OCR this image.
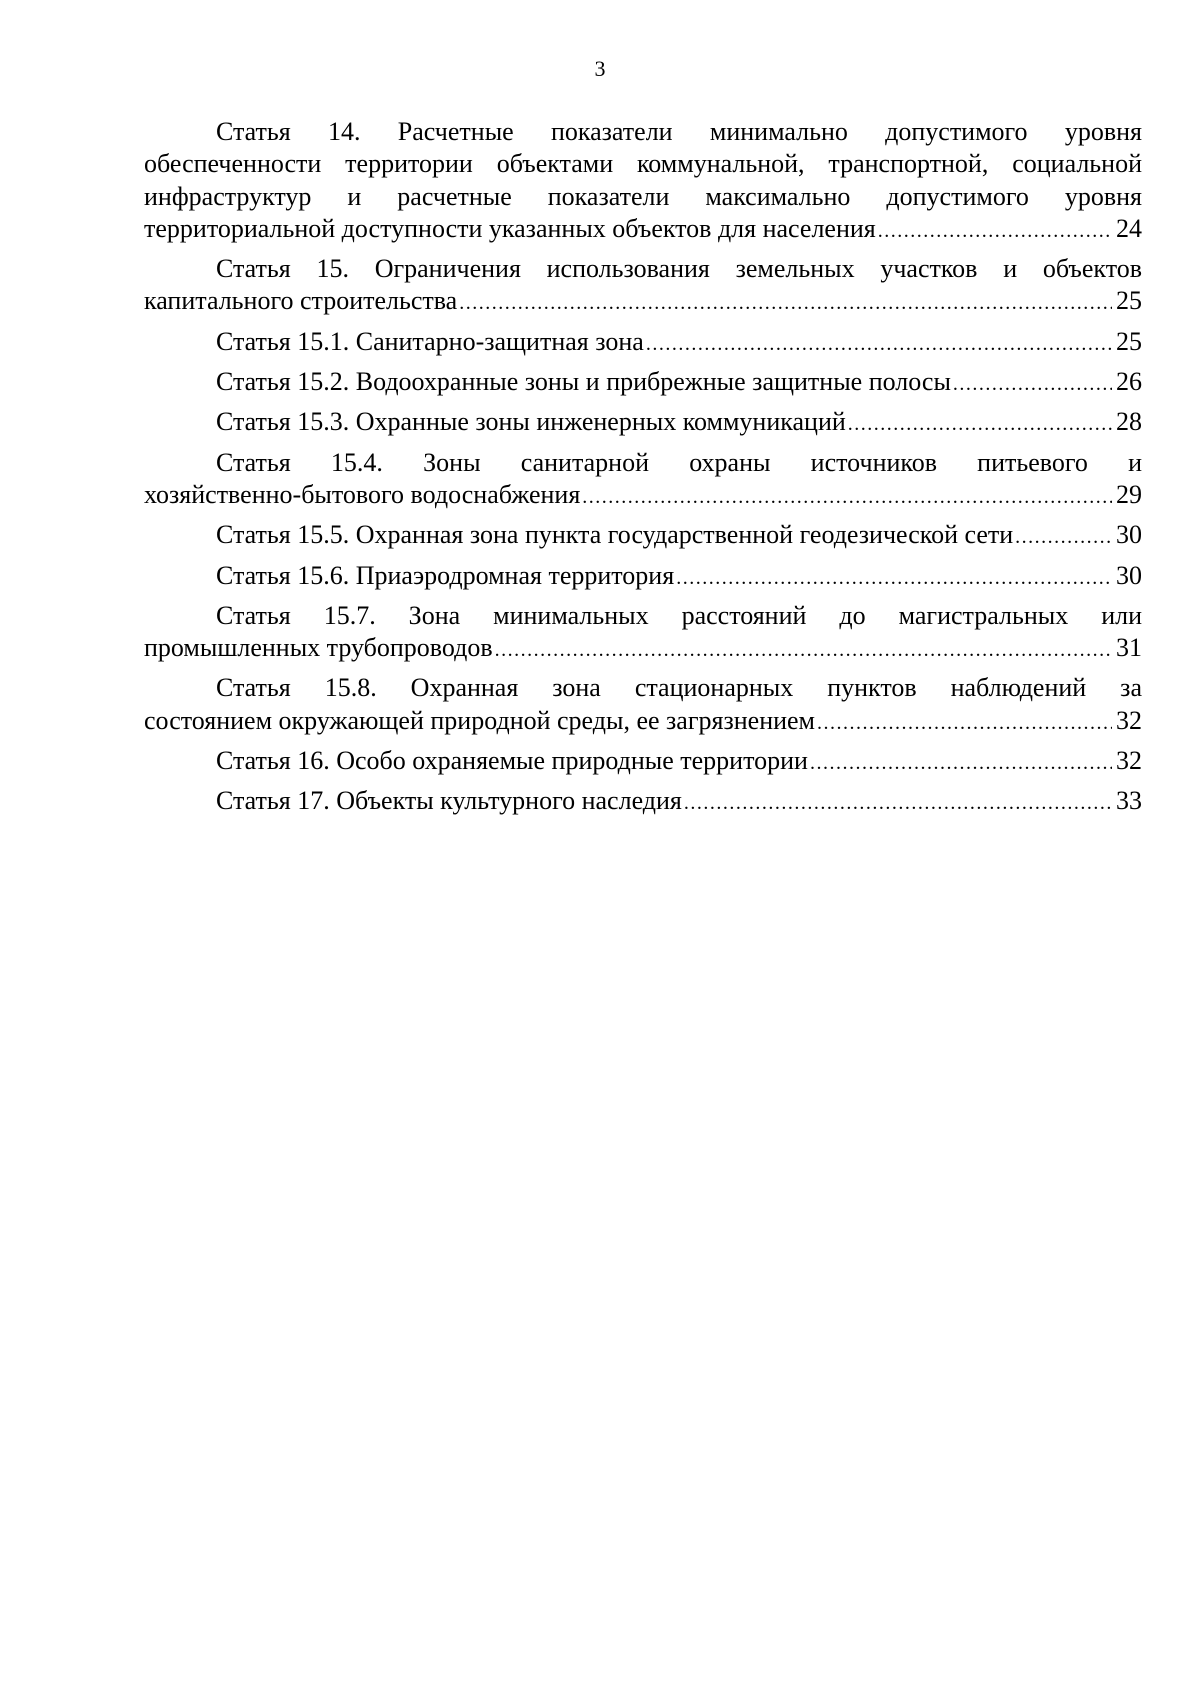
3
Статья 14. Расчетные показатели минимально допустимого уровня
обеспеченности территории объектами коммунальной, транспортной, социальной
инфраструктур и расчетные показатели максимально допустимого уровня
территориальной доступности указанных объектов для населения .....	24
Статья 15. Ограничения использования земельных участков и объектов
капитального строительства .....	25
Статья 15.1. Санитарно-защитная зона .....	25
Статья 15.2. Водоохранные зоны и прибрежные защитные полосы .....	26
Статья 15.3. Охранные зоны инженерных коммуникаций .....	28
Статья 15.4. Зоны санитарной охраны источников питьевого и
хозяйственно-бытового водоснабжения .....	29
Статья 15.5. Охранная зона пункта государственной геодезической сети .....	30
Статья 15.6. Приаэродромная территория .....	30
Статья 15.7. Зона минимальных расстояний до магистральных или
промышленных трубопроводов .....	31
Статья 15.8. Охранная зона стационарных пунктов наблюдений за
состоянием окружающей природной среды, ее загрязнением .....	32
Статья 16. Особо охраняемые природные территории .....	32
Статья 17. Объекты культурного наследия .....	33
